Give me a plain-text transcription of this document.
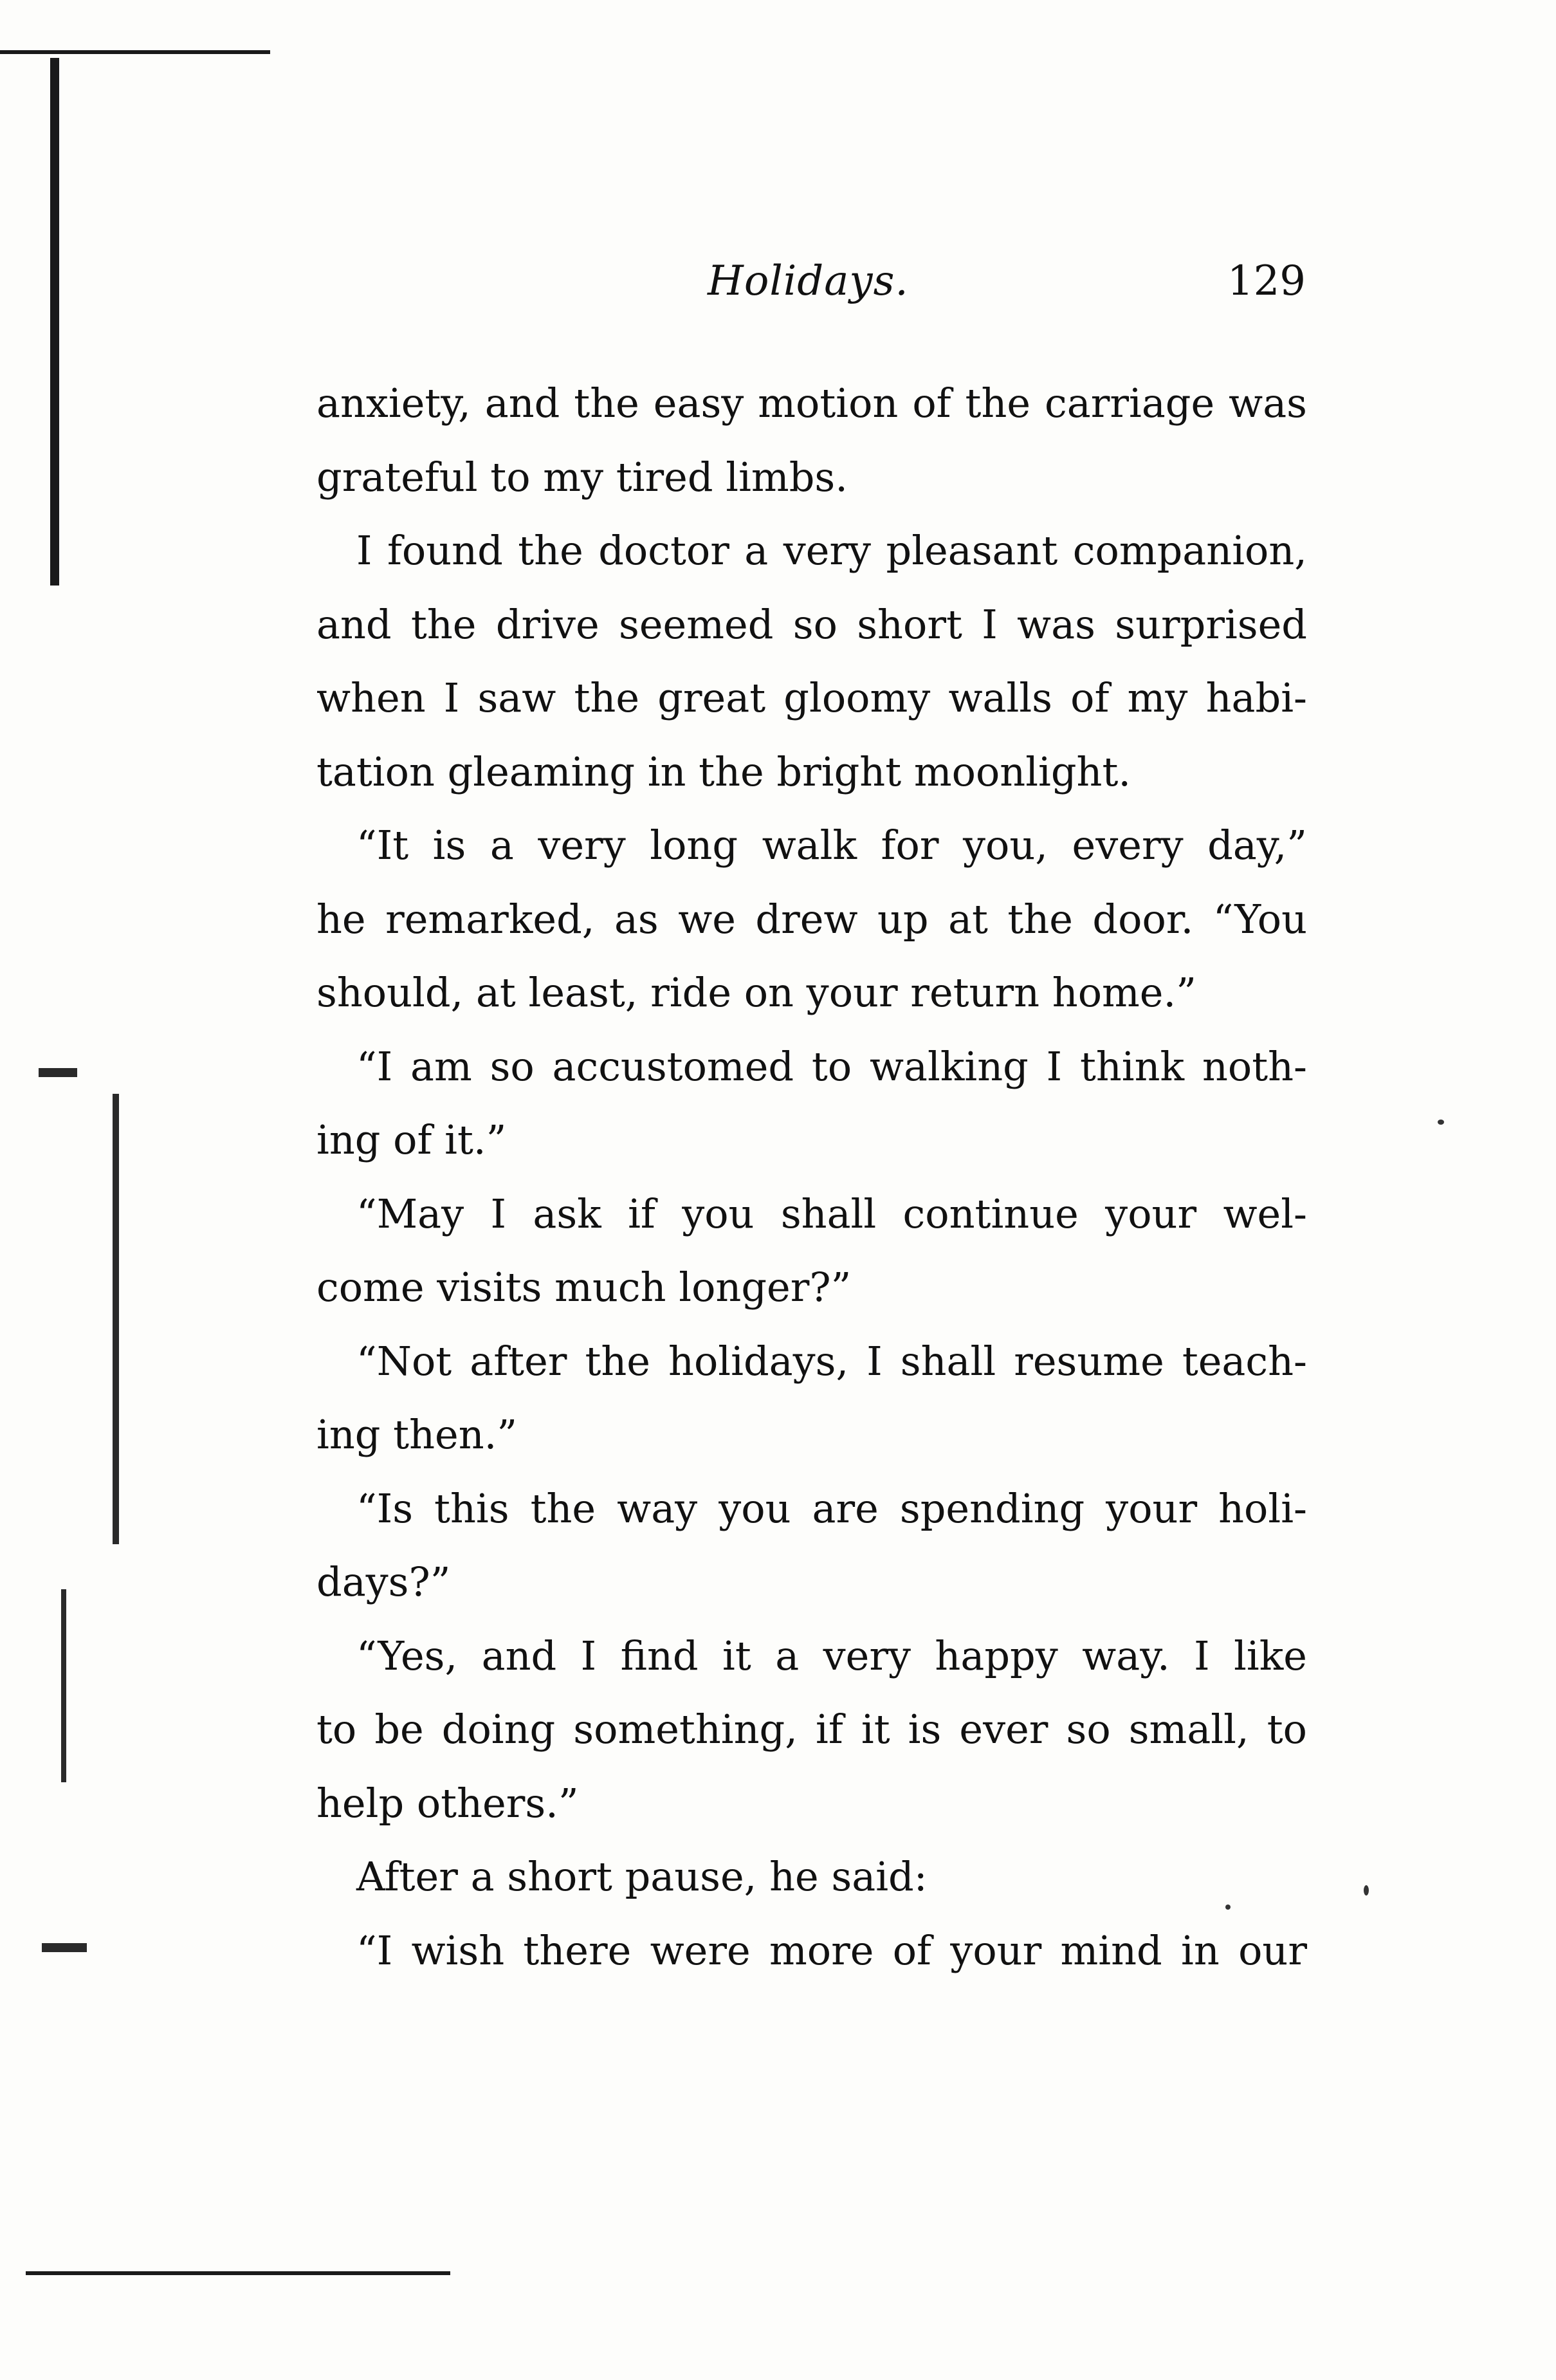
Holidays.	129
anxiety, and the easy motion of the carriage was
grateful to my tired limbs.
I found the doctor a very pleasant companion,
and the drive seemed so short I was surprised
when I saw the great gloomy walls of my habi-
tation gleaming in the bright moonlight.
“It is a very long walk for you, every day,”
he remarked, as we drew up at the door. “You
should, at least, ride on your return home.”
“I am so accustomed to walking I think noth-
ing of it.”
“May I ask if you shall continue your wel-
come visits much longer?”
“Not after the holidays, I shall resume teach-
ing then.”
“Is this the way you are spending your holi-
days?”
“Yes, and I find it a very happy way. I like
to be doing something, if it is ever so small, to
help others.”
After a short pause, he said:
“I wish there were more of your mind in our
